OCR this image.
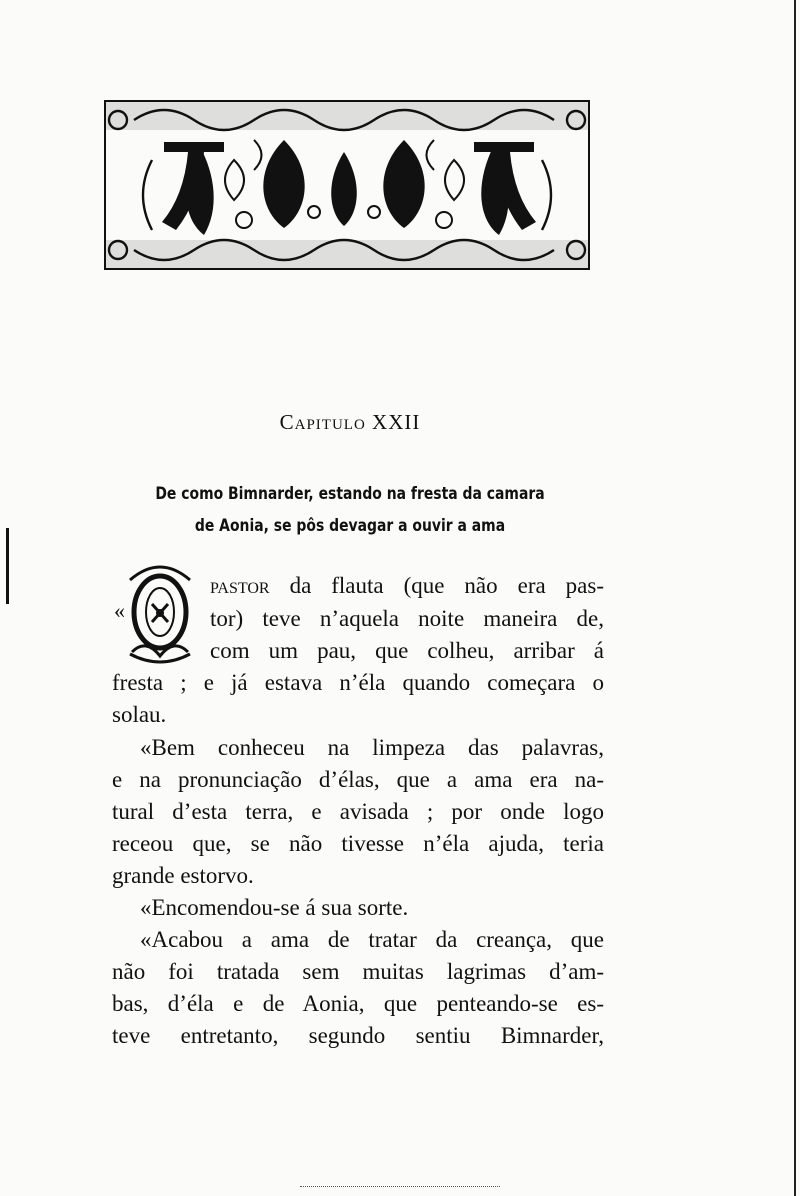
Capitulo XXII
De como Bimnarder, estando na fresta da camara
de Aonia, se pôs devagar a ouvir a ama
«
O pastor da flauta (que não era pas-
tor) teve n’aquela noite maneira de,
com um pau, que colheu, arribar á
fresta ; e já estava n’éla quando começara o
solau.
«Bem conheceu na limpeza das palavras,
e na pronunciação d’élas, que a ama era na-
tural d’esta terra, e avisada ; por onde logo
receou que, se não tivesse n’éla ajuda, teria
grande estorvo.
«Encomendou-se á sua sorte.
«Acabou a ama de tratar da creança, que
não foi tratada sem muitas lagrimas d’am-
bas, d’éla e de Aonia, que penteando-se es-
teve entretanto, segundo sentiu Bimnarder,
